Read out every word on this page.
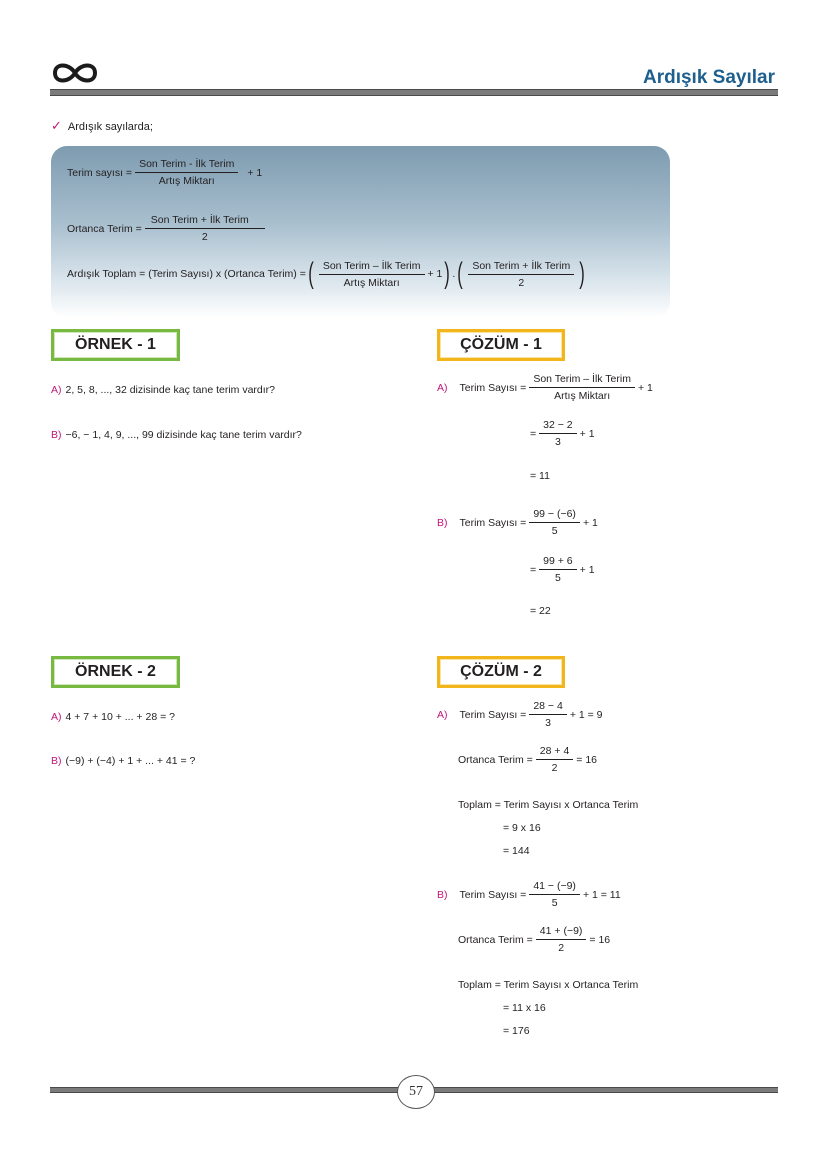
Ardışık Sayılar
✓ Ardışık sayılarda;
Terim sayısı = $\frac{\text{Son Terim - İlk Terim}}{\text{Artış Miktarı}} + 1$
Ortanca Terim = $\frac{\text{Son Terim + İlk Terim}}{2}$
Ardışık Toplam = (Terim Sayısı) x (Ortanca Terim) = ( $\frac{\text{Son Terim – İlk Terim}}{\text{Artış Miktarı}} + 1$ ) . ( $\frac{\text{Son Terim + İlk Terim}}{2}$ )
ÖRNEK - 1
A) 2, 5, 8, ..., 32 dizisinde kaç tane terim vardır?
B) −6, − 1, 4, 9, ..., 99 dizisinde kaç tane terim vardır?
ÇÖZÜM - 1
A) Terim Sayısı = $\frac{\text{Son Terim – İlk Terim}}{\text{Artış Miktarı}} + 1$
= $\frac{32 - 2}{3} + 1$
= 11
B) Terim Sayısı = $\frac{99 - (-6)}{5} + 1$
= $\frac{99 + 6}{5} + 1$
= 22
ÖRNEK - 2
A) 4 + 7 + 10 + ... + 28 = ?
B) (−9) + (−4) + 1 + ... + 41 = ?
ÇÖZÜM - 2
A) Terim Sayısı = $\frac{28 - 4}{3} + 1 = 9$
Ortanca Terim = $\frac{28 + 4}{2} = 16$
Toplam = Terim Sayısı x Ortanca Terim
= 9 x 16
= 144
B) Terim Sayısı = $\frac{41 - (-9)}{5} + 1 = 11$
Ortanca Terim = $\frac{41 + (-9)}{2} = 16$
Toplam = Terim Sayısı x Ortanca Terim
= 11 x 16
= 176
57
